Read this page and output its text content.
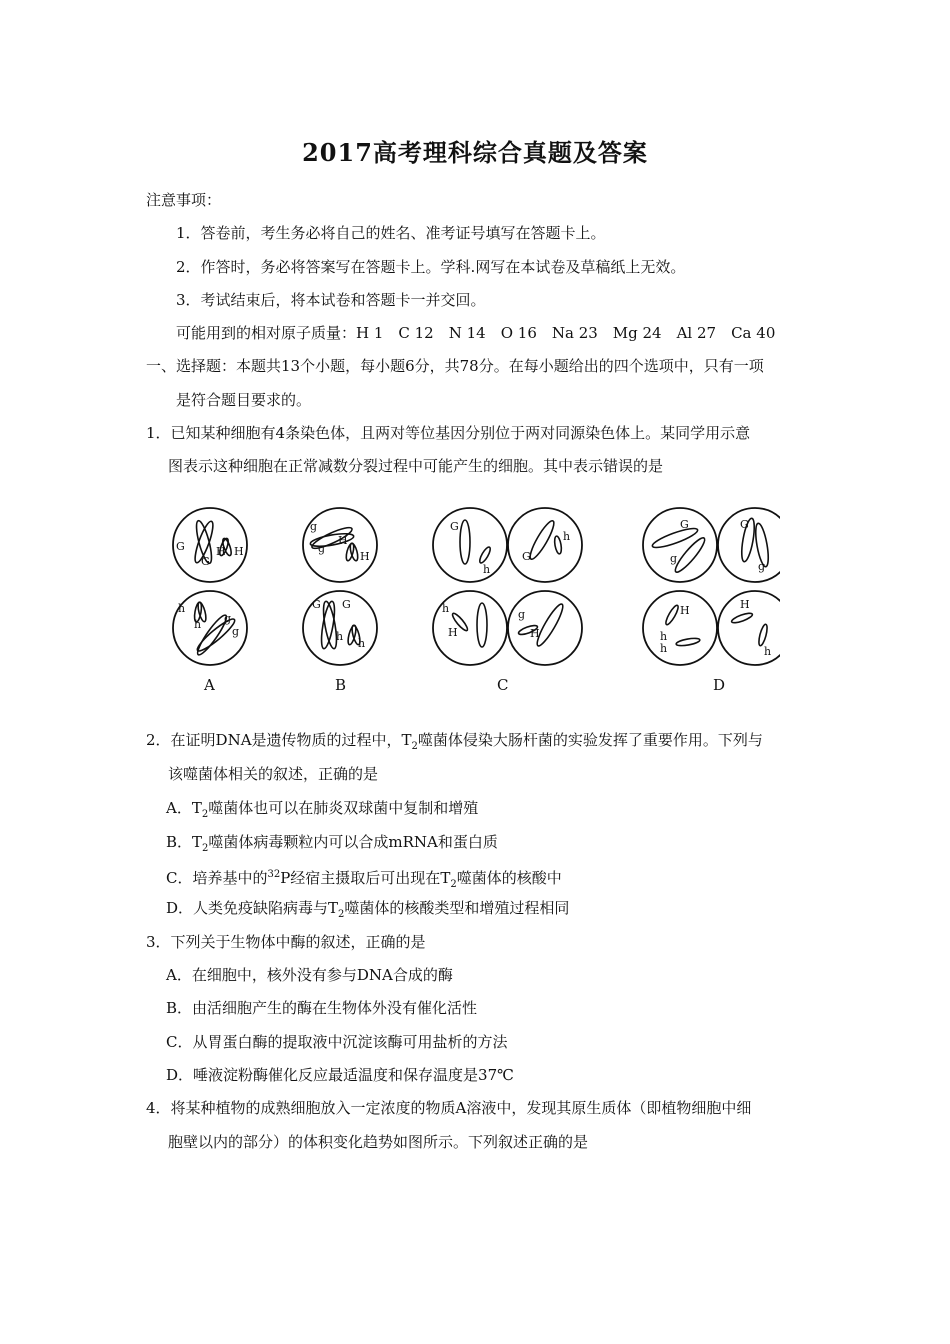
2017高考理科综合真题及答案
注意事项：
1．答卷前，考生务必将自己的姓名、准考证号填写在答题卡上。
2．作答时，务必将答案写在答题卡上。学科.网写在本试卷及草稿纸上无效。
3．考试结束后，将本试卷和答题卡一并交回。
可能用到的相对原子质量：H 1　C 12　N 14　O 16　Na 23　Mg 24　Al 27　Ca 40
一、选择题：本题共13个小题，每小题6分，共78分。在每小题给出的四个选项中，只有一项
是符合题目要求的。
1．已知某种细胞有4条染色体，且两对等位基因分别位于两对同源染色体上。某同学用示意
图表示这种细胞在正常减数分裂过程中可能产生的细胞。其中表示错误的是
G
G
H H
h
h g
g
A
g
g
H
H
G G
h
h
B
G
h
G
h
h
H
g
H
C
G
g
G
g
H
h
h
H
h
D
2．在证明DNA是遗传物质的过程中，$T_2$噬菌体侵染大肠杆菌的实验发挥了重要作用。下列与
该噬菌体相关的叙述，正确的是
A．$T_2$噬菌体也可以在肺炎双球菌中复制和增殖
B．$T_2$噬菌体病毒颗粒内可以合成mRNA和蛋白质
C．培养基中的$^{32}$P经宿主摄取后可出现在$T_2$噬菌体的核酸中
D．人类免疫缺陷病毒与$T_2$噬菌体的核酸类型和增殖过程相同
3．下列关于生物体中酶的叙述，正确的是
A．在细胞中，核外没有参与DNA合成的酶
B．由活细胞产生的酶在生物体外没有催化活性
C．从胃蛋白酶的提取液中沉淀该酶可用盐析的方法
D．唾液淀粉酶催化反应最适温度和保存温度是37℃
4．将某种植物的成熟细胞放入一定浓度的物质A溶液中，发现其原生质体（即植物细胞中细
胞壁以内的部分）的体积变化趋势如图所示。下列叙述正确的是
